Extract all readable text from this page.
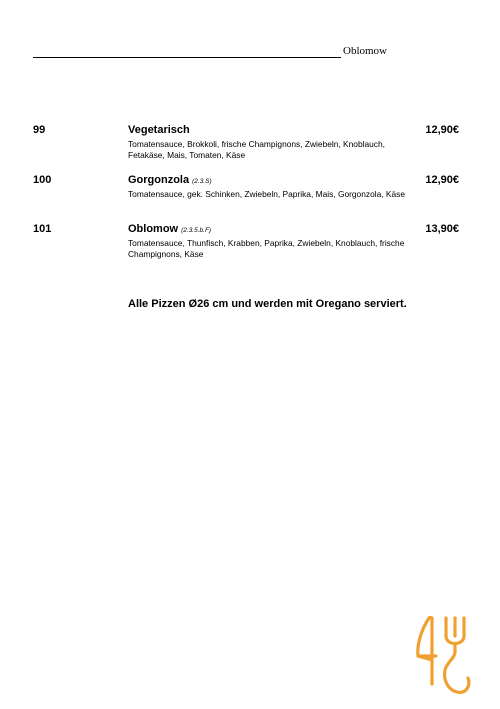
Oblomow
99	Vegetarisch
Tomatensauce, Brokkoli, frische Champignons, Zwiebeln, Knoblauch, Fetakäse, Mais, Tomaten, Käse
12,90€
100	Gorgonzola (2.3.S)
Tomatensauce, gek. Schinken, Zwiebeln, Paprika, Mais, Gorgonzola, Käse
12,90€
101	Oblomow (2.3.5.b.F)
Tomatensauce, Thunfisch, Krabben, Paprika, Zwiebeln, Knoblauch, frische Champignons, Käse
13,90€
Alle Pizzen Ø26 cm und werden mit Oregano serviert.
